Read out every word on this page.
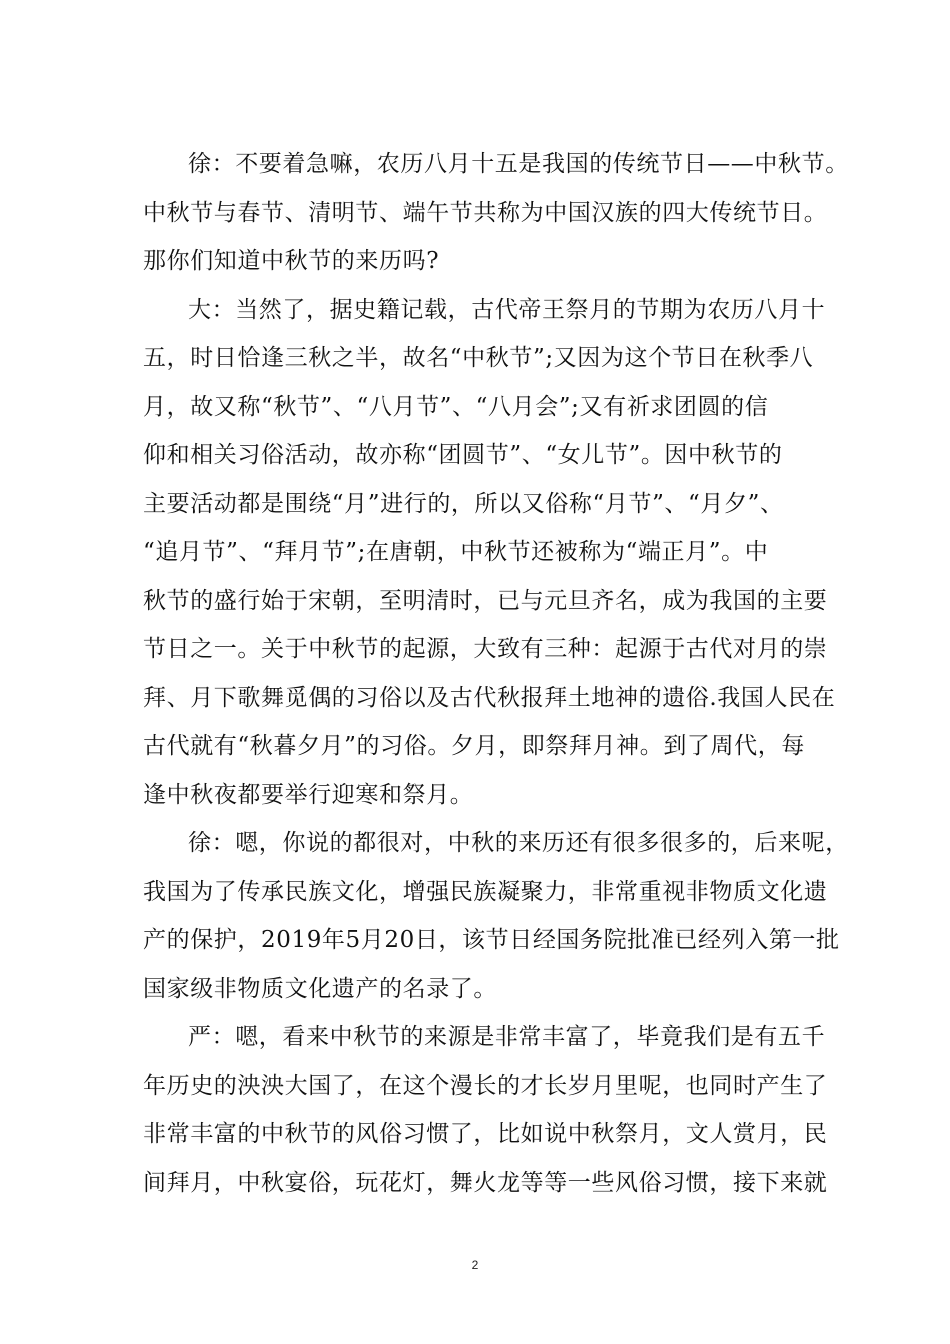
徐：不要着急嘛，农历八月十五是我国的传统节日——中秋节。
中秋节与春节、清明节、端午节共称为中国汉族的四大传统节日。
那你们知道中秋节的来历吗?
大：当然了，据史籍记载，古代帝王祭月的节期为农历八月十
五，时日恰逢三秋之半，故名“中秋节”;又因为这个节日在秋季八
月，故又称“秋节”、“八月节”、“八月会”;又有祈求团圆的信
仰和相关习俗活动，故亦称“团圆节”、“女儿节”。因中秋节的
主要活动都是围绕“月”进行的，所以又俗称“月节”、“月夕”、
“追月节”、“拜月节”;在唐朝，中秋节还被称为“端正月”。中
秋节的盛行始于宋朝，至明清时，已与元旦齐名，成为我国的主要
节日之一。关于中秋节的起源，大致有三种：起源于古代对月的崇
拜、月下歌舞觅偶的习俗以及古代秋报拜土地神的遗俗.我国人民在
古代就有“秋暮夕月”的习俗。夕月，即祭拜月神。到了周代，每
逢中秋夜都要举行迎寒和祭月。
徐：嗯，你说的都很对，中秋的来历还有很多很多的，后来呢，
我国为了传承民族文化，增强民族凝聚力，非常重视非物质文化遗
产的保护，2019年5月20日，该节日经国务院批准已经列入第一批
国家级非物质文化遗产的名录了。
严：嗯，看来中秋节的来源是非常丰富了，毕竟我们是有五千
年历史的泱泱大国了，在这个漫长的才长岁月里呢，也同时产生了
非常丰富的中秋节的风俗习惯了，比如说中秋祭月，文人赏月，民
间拜月，中秋宴俗，玩花灯，舞火龙等等一些风俗习惯，接下来就
2
